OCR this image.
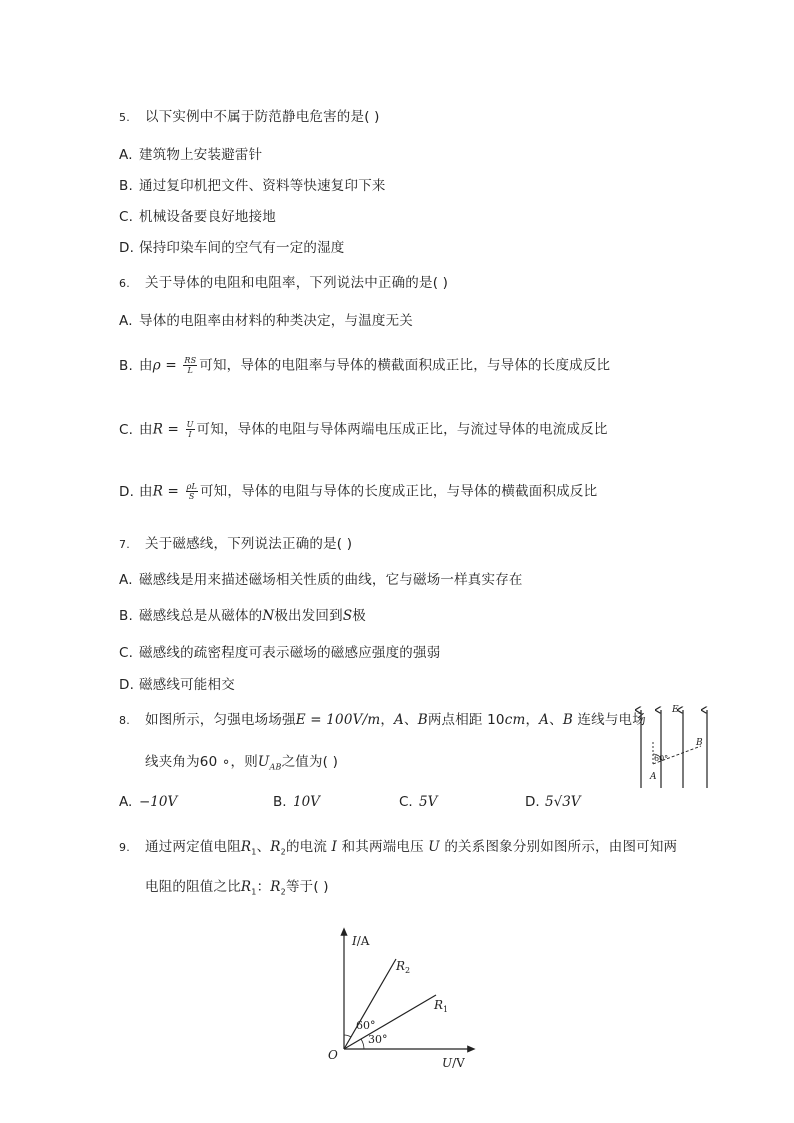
5. 以下实例中不属于防范静电危害的是( )
A. 建筑物上安装避雷针
B. 通过复印机把文件、资料等快速复印下来
C. 机械设备要良好地接地
D. 保持印染车间的空气有一定的湿度
6. 关于导体的电阻和电阻率，下列说法中正确的是( )
A. 导体的电阻率由材料的种类决定，与温度无关
B. 由$\rho = \frac{RS}{L}$ 可知，导体的电阻率与导体的横截面积成正比，与导体的长度成反比
C. 由$R = \frac{U}{I}$ 可知，导体的电阻与导体两端电压成正比，与流过导体的电流成反比
D. 由$R = \frac{\rho L}{S}$ 可知，导体的电阻与导体的长度成正比，与导体的横截面积成反比
7. 关于磁感线，下列说法正确的是( )
A. 磁感线是用来描述磁场相关性质的曲线，它与磁场一样真实存在
B. 磁感线总是从磁体的N极出发回到S极
C. 磁感线的疏密程度可表示磁场的磁感应强度的强弱
D. 磁感线可能相交
8. 如图所示，匀强电场场强E = 100V/m，A、B两点相距 10cm，A、B 连线与电场
线夹角为60 ∘，则$U_{AB}$之值为( )
A. −10V	B. 10V	C. 5V	D. 5√3V
E
B
A
60°
9. 通过两定值电阻$R_1$、$R_2$的电流 I 和其两端电压 U 的关系图象分别如图所示，由图可知两
电阻的阻值之比$R_1$：$R_2$等于( )
I/A
U/V
O
$R_2$
$R_1$
60°
30°
